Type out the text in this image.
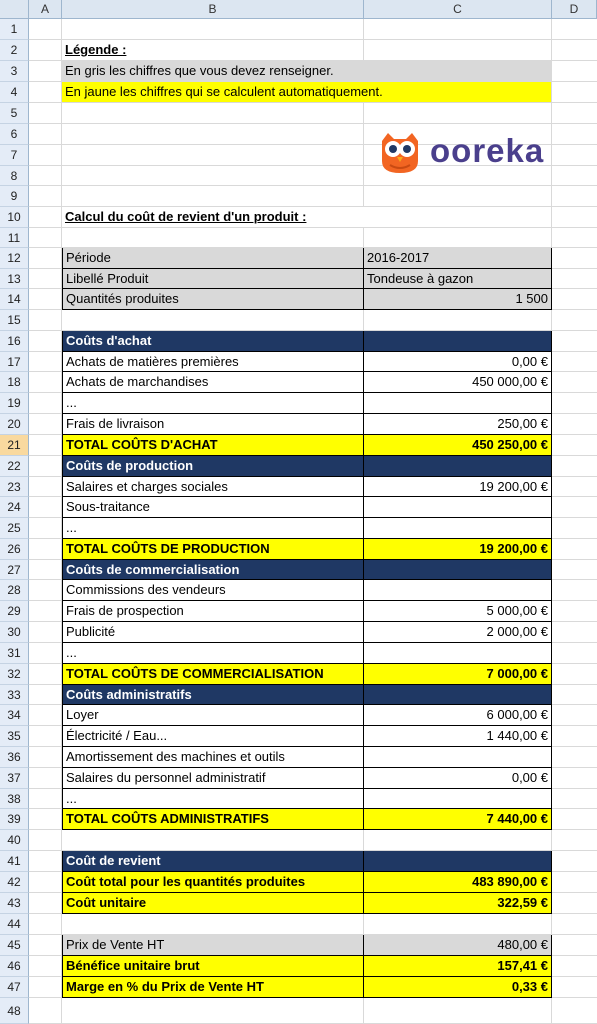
A	B	C	D
1
2	Légende :
3	En gris les chiffres que vous devez renseigner.
4	En jaune les chiffres qui se calculent automatiquement.
5
6
7
8
9
10	Calcul du coût de revient d'un produit :
11
12	Période	2016-2017
13	Libellé Produit	Tondeuse à gazon
14	Quantités produites	1 500
15
16	Coûts d'achat
17	Achats de matières premières	0,00 €
18	Achats de marchandises	450 000,00 €
19	...
20	Frais de livraison	250,00 €
21	TOTAL COÛTS D'ACHAT	450 250,00 €
22	Coûts de production
23	Salaires et charges sociales	19 200,00 €
24	Sous-traitance
25	...
26	TOTAL COÛTS DE PRODUCTION	19 200,00 €
27	Coûts de commercialisation
28	Commissions des vendeurs
29	Frais de prospection	5 000,00 €
30	Publicité	2 000,00 €
31	...
32	TOTAL COÛTS DE COMMERCIALISATION	7 000,00 €
33	Coûts administratifs
34	Loyer	6 000,00 €
35	Électricité / Eau...	1 440,00 €
36	Amortissement des machines et outils
37	Salaires du personnel administratif	0,00 €
38	...
39	TOTAL COÛTS ADMINISTRATIFS	7 440,00 €
40
41	Coût de revient
42	Coût total pour les quantités produites	483 890,00 €
43	Coût unitaire	322,59 €
44
45	Prix de Vente HT	480,00 €
46	Bénéfice unitaire brut	157,41 €
47	Marge en % du Prix de Vente HT	0,33 €
48
ooreka
